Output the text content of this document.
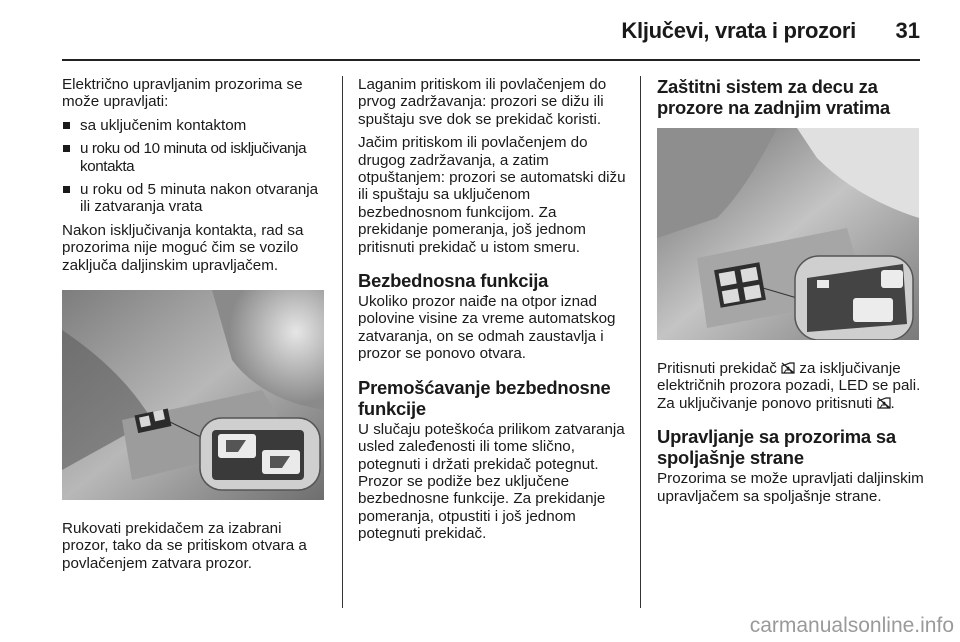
Ključevi, vrata i prozori 31

Električno upravljanim prozorima se može upravljati:

sa uključenim kontaktom
u roku od 10 minuta od isključivanja kontakta
u roku od 5 minuta nakon otvaranja ili zatvaranja vrata

Nakon isključivanja kontakta, rad sa prozorima nije moguć čim se vozilo zaključa daljinskim upravljačem.

Rukovati prekidačem za izabrani prozor, tako da se pritiskom otvara a povlačenjem zatvara prozor.

Laganim pritiskom ili povlačenjem do prvog zadržavanja: prozori se dižu ili spuštaju sve dok se prekidač koristi.

Jačim pritiskom ili povlačenjem do drugog zadržavanja, a zatim otpuštanjem: prozori se automatski dižu ili spuštaju sa uključenom bezbednosnom funkcijom. Za prekidanje pomeranja, još jednom pritisnuti prekidač u istom smeru.

Bezbednosna funkcija

Ukoliko prozor naiđe na otpor iznad polovine visine za vreme automatskog zatvaranja, on se odmah zaustavlja i prozor se ponovo otvara.

Premošćavanje bezbednosne funkcije

U slučaju poteškoća prilikom zatvaranja usled zaleđenosti ili tome slično, potegnuti i držati prekidač potegnut. Prozor se podiže bez uključene bezbednosne funkcije. Za prekidanje pomeranja, otpustiti i još jednom potegnuti prekidač.

Zaštitni sistem za decu za prozore na zadnjim vratima

Pritisnuti prekidač za isključivanje električnih prozora pozadi, LED se pali. Za uključivanje ponovo pritisnuti .

Upravljanje sa prozorima sa spoljašnje strane

Prozorima se može upravljati daljinskim upravljačem sa spoljašnje strane.

carmanualsonline.info
